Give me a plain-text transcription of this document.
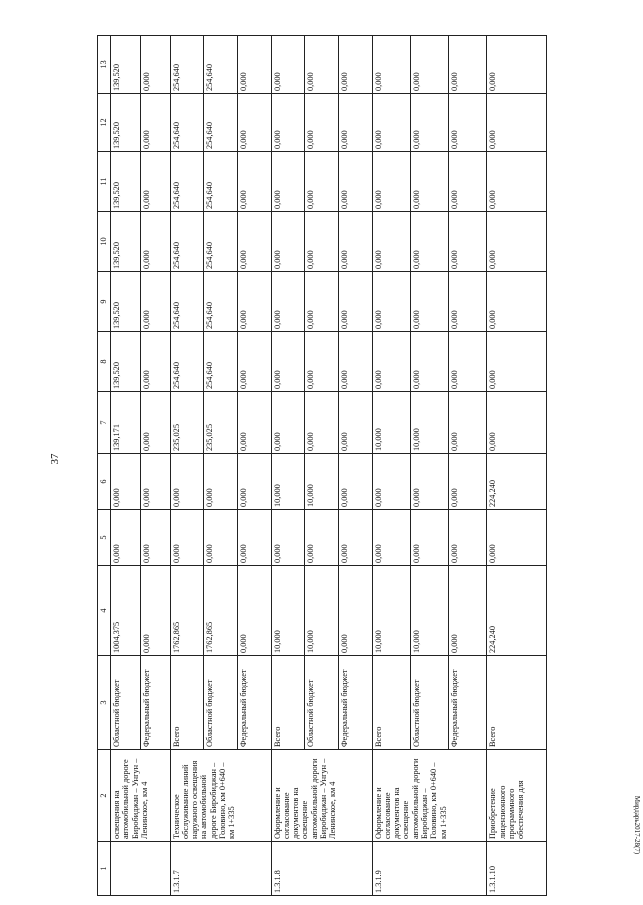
37
1	2	3	4	5	6	7	8	9	10	11	12	13
	освещения на автомобильной дороге Биробиджан – Унгун – Ленинское, км 4	Областной бюджет	1004,375	0,000	0,000	139,171	139,520	139,520	139,520	139,520	139,520	139,520
		Федеральный бюджет	0,000	0,000	0,000	0,000	0,000	0,000	0,000	0,000	0,000	0,000
1.3.1.7	Техническое обслуживание линий наружного освещения на автомобильной дороге Биробиджан – Головино, км 0+640 – км 1+335	Всего	1762,865	0,000	0,000	235,025	254,640	254,640	254,640	254,640	254,640	254,640
		Областной бюджет	1762,865	0,000	0,000	235,025	254,640	254,640	254,640	254,640	254,640	254,640
		Федеральный бюджет	0,000	0,000	0,000	0,000	0,000	0,000	0,000	0,000	0,000	0,000
1.3.1.8	Оформление и согласование документов на освещение автомобильной дороги Биробиджан – Унгун – Ленинское, км 4	Всего	10,000	0,000	10,000	0,000	0,000	0,000	0,000	0,000	0,000	0,000
		Областной бюджет	10,000	0,000	10,000	0,000	0,000	0,000	0,000	0,000	0,000	0,000
		Федеральный бюджет	0,000	0,000	0,000	0,000	0,000	0,000	0,000	0,000	0,000	0,000
1.3.1.9	Оформление и согласование документов на освещение автомобильной дороги Биробиджан – Головино, км 0+640 – км 1+335	Всего	10,000	0,000	0,000	10,000	0,000	0,000	0,000	0,000	0,000	0,000
		Областной бюджет	10,000	0,000	0,000	10,000	0,000	0,000	0,000	0,000	0,000	0,000
		Федеральный бюджет	0,000	0,000	0,000	0,000	0,000	0,000	0,000	0,000	0,000	0,000
1.3.1.10	Приобретение лицензионного программного обеспечения для	Всего	224,240	0,000	224,240	0,000	0,000	0,000	0,000	0,000	0,000	0,000
Мирдарь2017-28(7)
